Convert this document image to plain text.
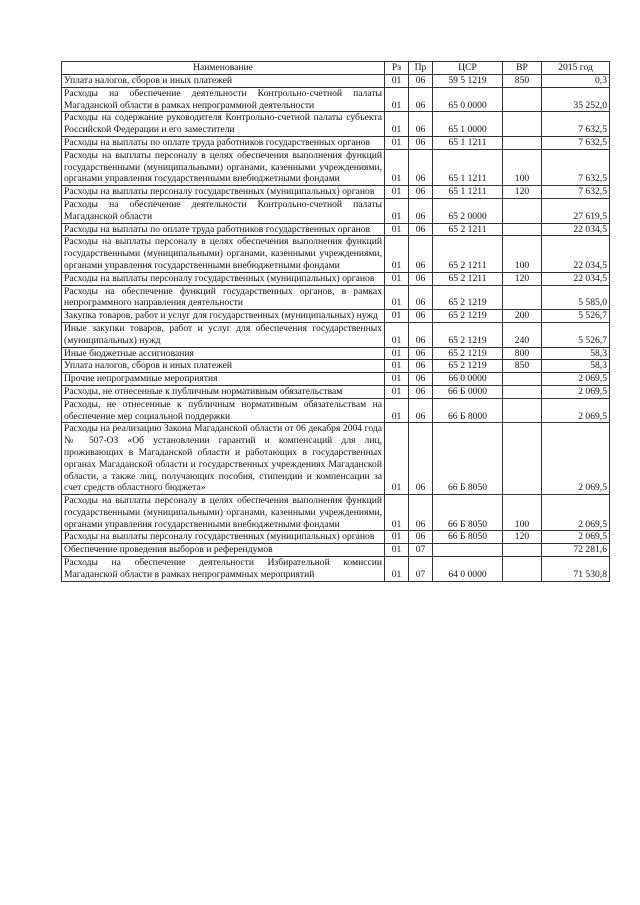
Наименование	Рз	Пр	ЦСР	ВР	2015 год
Уплата налогов, сборов и иных платежей	01	06	59 5 1219	850	0,3
Расходы на обеспечение деятельности Контрольно-счетной палаты Магаданской области в рамках непрограммной деятельности	01	06	65 0 0000		35 252,0
Расходы на содержание руководителя Контрольно-счетной палаты субъекта Российской Федерации и его заместители	01	06	65 1 0000		7 632,5
Расходы на выплаты по оплате труда работников государственных органов	01	06	65 1 1211		7 632,5
Расходы на выплаты персоналу в целях обеспечения выполнения функций государственными (муниципальными) органами, казенными учреждениями, органами управления государственными внебюджетными фондами	01	06	65 1 1211	100	7 632,5
Расходы на выплаты персоналу государственных (муниципальных) органов	01	06	65 1 1211	120	7 632,5
Расходы на обеспечение деятельности Контрольно-счетной палаты Магаданской области	01	06	65 2 0000		27 619,5
Расходы на выплаты по оплате труда работников государственных органов	01	06	65 2 1211		22 034,5
Расходы на выплаты персоналу в целях обеспечения выполнения функций государственными (муниципальными) органами, казенными учреждениями, органами управления государственными внебюджетными фондами	01	06	65 2 1211	100	22 034,5
Расходы на выплаты персоналу государственных (муниципальных) органов	01	06	65 2 1211	120	22 034,5
Расходы на обеспечение функций государственных органов, в рамках непрограммного направления деятельности	01	06	65 2 1219		5 585,0
Закупка товаров, работ и услуг для государственных (муниципальных) нужд	01	06	65 2 1219	200	5 526,7
Иные закупки товаров, работ и услуг для обеспечения государственных (муниципальных) нужд	01	06	65 2 1219	240	5 526,7
Иные бюджетные ассигнования	01	06	65 2 1219	800	58,3
Уплата налогов, сборов и иных платежей	01	06	65 2 1219	850	58,3
Прочие непрограммные мероприятия	01	06	66 0 0000		2 069,5
Расходы, не отнесенные к публичным нормативным обязательствам	01	06	66 Б 0000		2 069,5
Расходы, не отнесенные к публичным нормативным обязательствам на обеспечение мер социальной поддержки	01	06	66 Б 8000		2 069,5
Расходы на реализацию Закона Магаданской области от 06 декабря 2004 года № 507-ОЗ «Об установлении гарантий и компенсаций для лиц, проживающих в Магаданской области и работающих в государственных органах Магаданской области и государственных учреждениях Магаданской области, а также лиц, получающих пособия, стипендии и компенсации за счет средств областного бюджета»	01	06	66 Б 8050		2 069,5
Расходы на выплаты персоналу в целях обеспечения выполнения функций государственными (муниципальными) органами, казенными учреждениями, органами управления государственными внебюджетными фондами	01	06	66 Б 8050	100	2 069,5
Расходы на выплаты персоналу государственных (муниципальных) органов	01	06	66 Б 8050	120	2 069,5
Обеспечение проведения выборов и референдумов	01	07			72 281,6
Расходы на обеспечение деятельности Избирательной комиссии Магаданской области в рамках непрограммных мероприятий	01	07	64 0 0000		71 530,8
